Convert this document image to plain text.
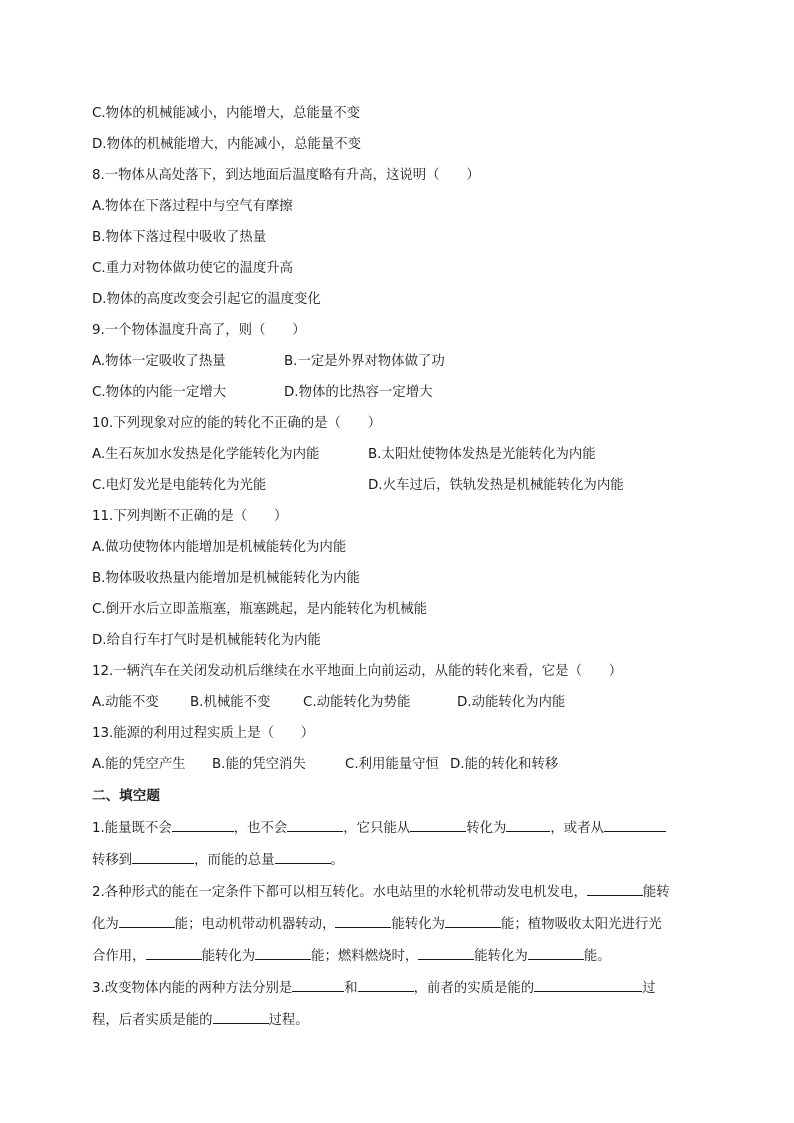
C.物体的机械能减小，内能增大，总能量不变

D.物体的机械能增大，内能减小，总能量不变

8.一物体从高处落下，到达地面后温度略有升高，这说明（　　）

A.物体在下落过程中与空气有摩擦

B.物体下落过程中吸收了热量

C.重力对物体做功使它的温度升高

D.物体的高度改变会引起它的温度变化

9.一个物体温度升高了，则（　　）

A.物体一定吸收了热量	B.一定是外界对物体做了功
C.物体的内能一定增大	D.物体的比热容一定增大

10.下列现象对应的能的转化不正确的是（　　）

A.生石灰加水发热是化学能转化为内能	B.太阳灶使物体发热是光能转化为内能
C.电灯发光是电能转化为光能	D.火车过后，铁轨发热是机械能转化为内能

11.下列判断不正确的是（　　）

A.做功使物体内能增加是机械能转化为内能

B.物体吸收热量内能增加是机械能转化为内能

C.倒开水后立即盖瓶塞，瓶塞跳起，是内能转化为机械能

D.给自行车打气时是机械能转化为内能

12.一辆汽车在关闭发动机后继续在水平地面上向前运动，从能的转化来看，它是（　　）

A.动能不变	B.机械能不变	C.动能转化为势能	D.动能转化为内能

13.能源的利用过程实质上是（　　）

A.能的凭空产生	B.能的凭空消失	C.利用能量守恒 D.能的转化和转移

二、填空题

1.能量既不会	，也不会	，它只能从	转化为	，或者从

转移到	，而能的总量	。

2.各种形式的能在一定条件下都可以相互转化。水电站里的水轮机带动发电机发电，	能转

化为	能；电动机带动机器转动，	能转化为	能；植物吸收太阳光进行光

合作用，	能转化为	能；燃料燃烧时，	能转化为	能。

3.改变物体内能的两种方法分别是	和	，前者的实质是能的	过

程，后者实质是能的	过程。
